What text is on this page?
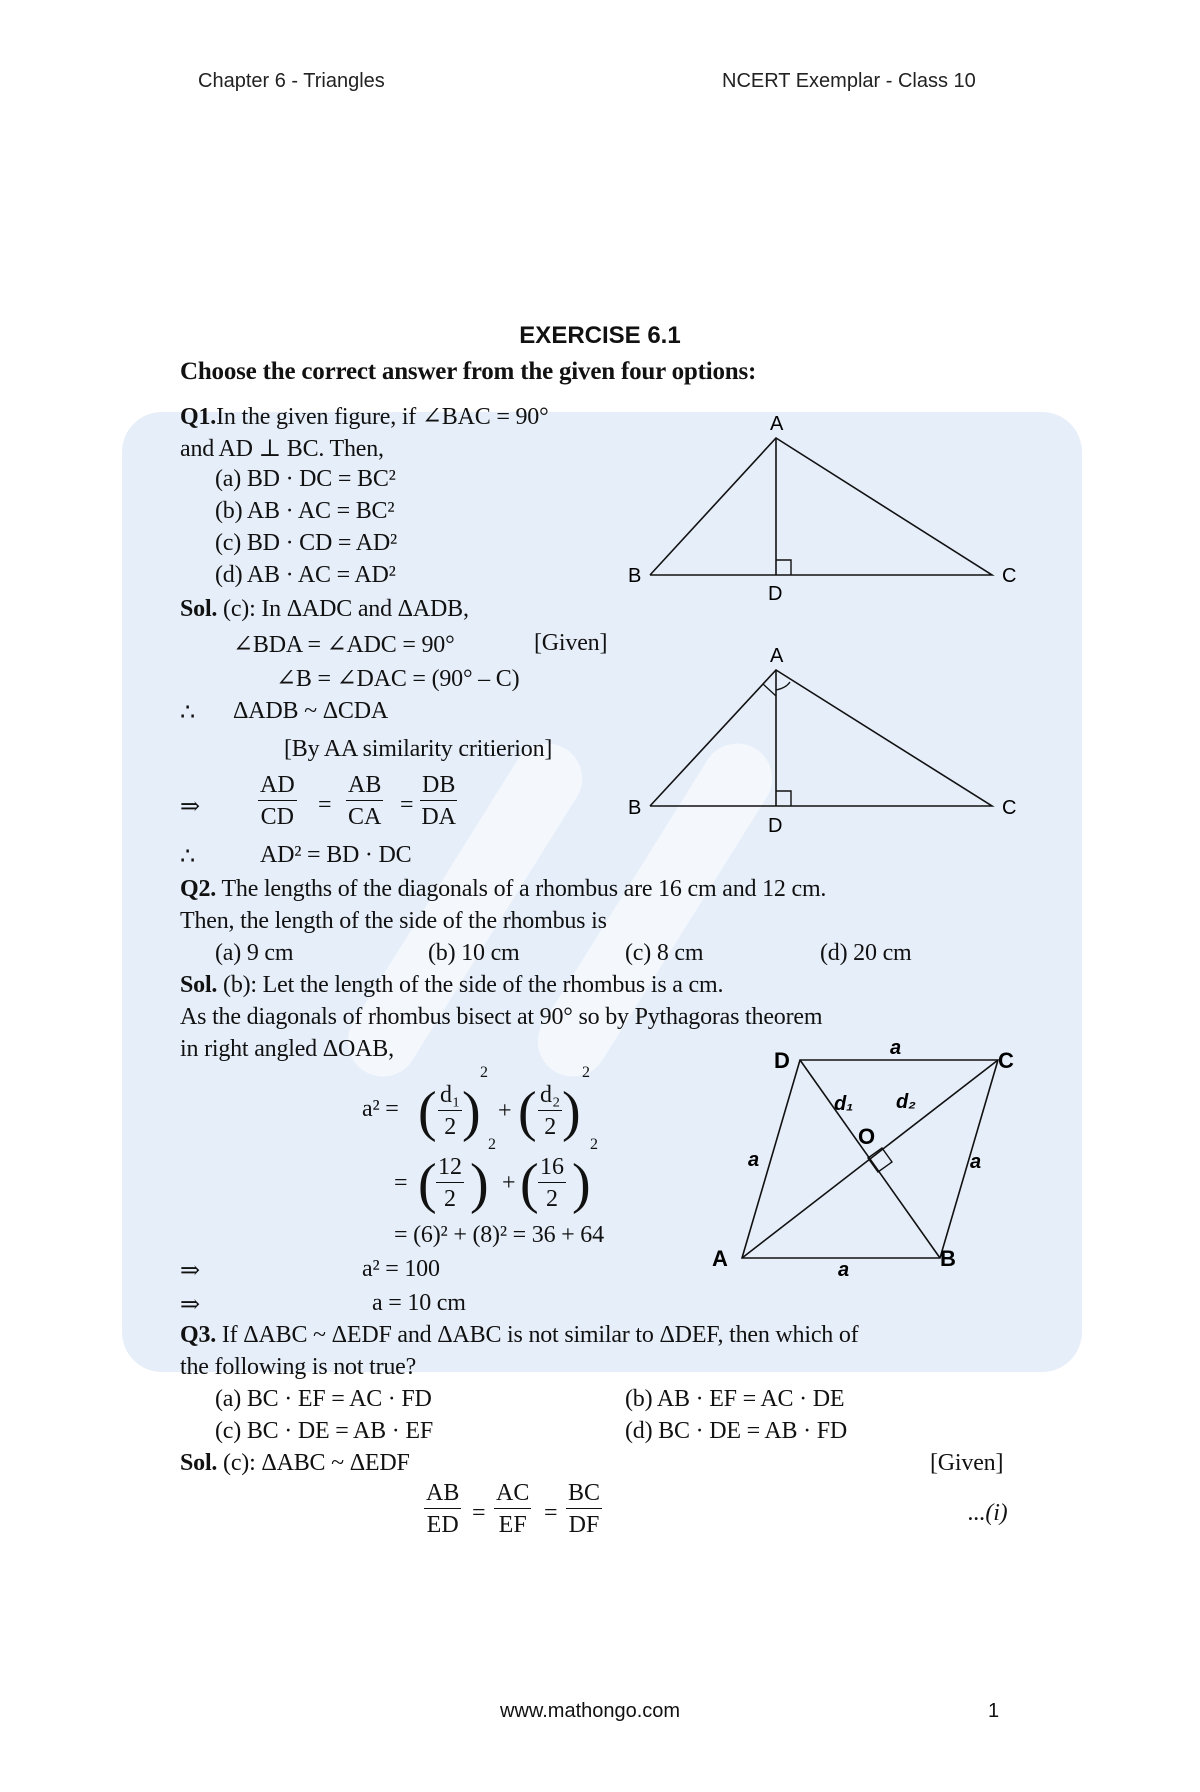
Chapter 6 - Triangles	NCERT Exemplar - Class 10
EXERCISE 6.1
Choose the correct answer from the given four options:
Q1.In the given figure, if ∠BAC = 90°
and AD ⊥ BC. Then,
(a) BD · DC = BC²
(b) AB · AC = BC²
(c) BD · CD = AD²
(d) AB · AC = AD²
A
B	C
D
Sol. (c): In ΔADC and ΔADB,
∠BDA = ∠ADC = 90°	[Given]
∠B = ∠DAC = (90° – C)
∴ ΔADB ~ ΔCDA
[By AA similarity critierion]
⇒ $\frac{AD}{CD} = \frac{AB}{CA} = \frac{DB}{DA}$
∴	AD² = BD · DC
A
B	C
D
Q2. The lengths of the diagonals of a rhombus are 16 cm and 12 cm.
Then, the length of the side of the rhombus is
(a) 9 cm	(b) 10 cm	(c) 8 cm	(d) 20 cm
Sol. (b): Let the length of the side of the rhombus is a cm.
As the diagonals of rhombus bisect at 90° so by Pythagoras theorem
in right angled ΔOAB,
a² = ( $\frac{\text{d₁}}{2}$ )
2
+ ( $\frac{\text{d₂}}{2}$ )
2
= ( $\frac{12}{2}$ )
2
+ ( $\frac{16}{2}$ )
2
= (6)² + (8)² = 36 + 64
⇒	a² = 100
⇒	a = 10 cm
D	C
A	B
O
a
a
a	a
d₁ d₂
Q3. If ΔABC ~ ΔEDF and ΔABC is not similar to ΔDEF, then which of
the following is not true?
(a) BC · EF = AC · FD	(b) AB · EF = AC · DE
(c) BC · DE = AB · EF	(d) BC · DE = AB · FD
Sol. (c): ΔABC ~ ΔEDF	[Given]
$\frac{AB}{ED} = \frac{AC}{EF} = \frac{BC}{DF}$	...(i)
www.mathongo.com	1
